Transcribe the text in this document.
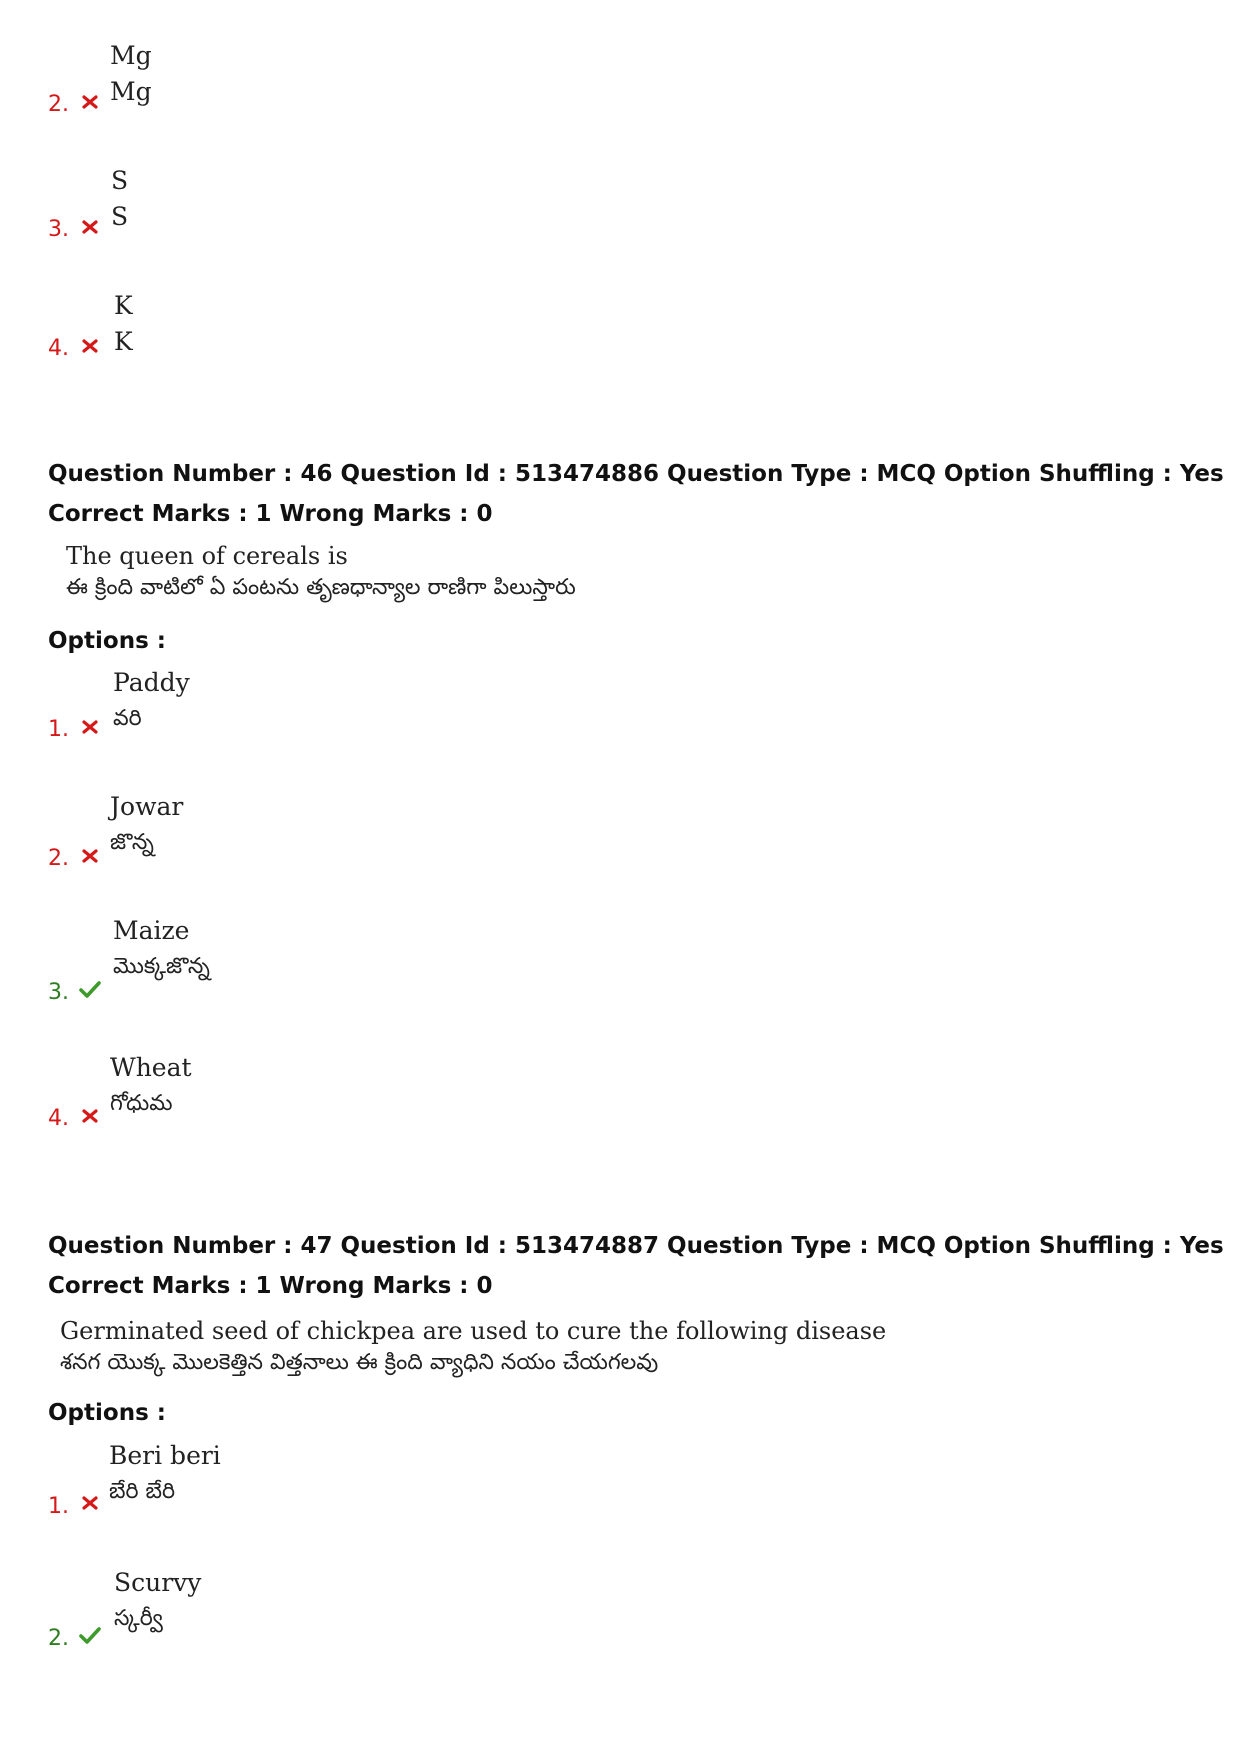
Mg
Mg
2.
S
S
3.
K
K
4.
Question Number : 46 Question Id : 513474886 Question Type : MCQ Option Shuffling : Yes
Correct Marks : 1 Wrong Marks : 0
The queen of cereals is
ఈ క్రింది వాటిలో ఏ పంటను తృణధాన్యాల రాణిగా పిలుస్తారు
Options :
Paddy
వరి
1.
Jowar
జొన్న
2.
Maize
మొక్కజొన్న
3.
Wheat
గోధుమ
4.
Question Number : 47 Question Id : 513474887 Question Type : MCQ Option Shuffling : Yes
Correct Marks : 1 Wrong Marks : 0
Germinated seed of chickpea are used to cure the following disease
శనగ యొక్క మొలకెత్తిన విత్తనాలు ఈ క్రింది వ్యాధిని నయం చేయగలవు
Options :
Beri beri
బేరి బేరి
1.
Scurvy
స్కర్వీ
2.
